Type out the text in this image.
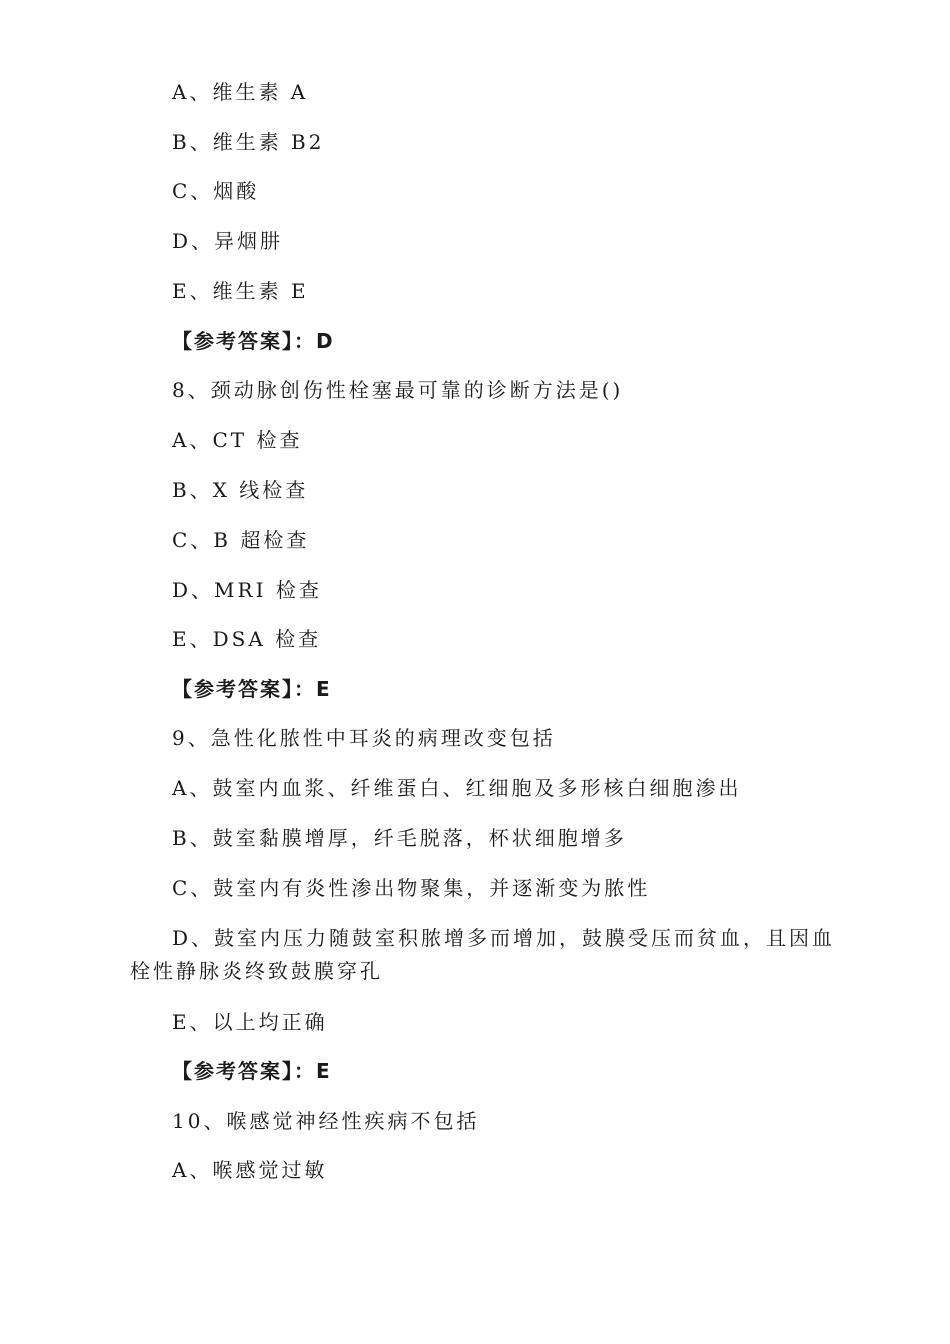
A、维生素 A
B、维生素 B2
C、烟酸
D、异烟肼
E、维生素 E
【参考答案】：D
8、颈动脉创伤性栓塞最可靠的诊断方法是()
A、CT 检查
B、X 线检查
C、B 超检查
D、MRI 检查
E、DSA 检查
【参考答案】：E
9、急性化脓性中耳炎的病理改变包括
A、鼓室内血浆、纤维蛋白、红细胞及多形核白细胞渗出
B、鼓室黏膜增厚，纤毛脱落，杯状细胞增多
C、鼓室内有炎性渗出物聚集，并逐渐变为脓性
D、鼓室内压力随鼓室积脓增多而增加，鼓膜受压而贫血，且因血
栓性静脉炎终致鼓膜穿孔
E、以上均正确
【参考答案】：E
10、喉感觉神经性疾病不包括
A、喉感觉过敏
